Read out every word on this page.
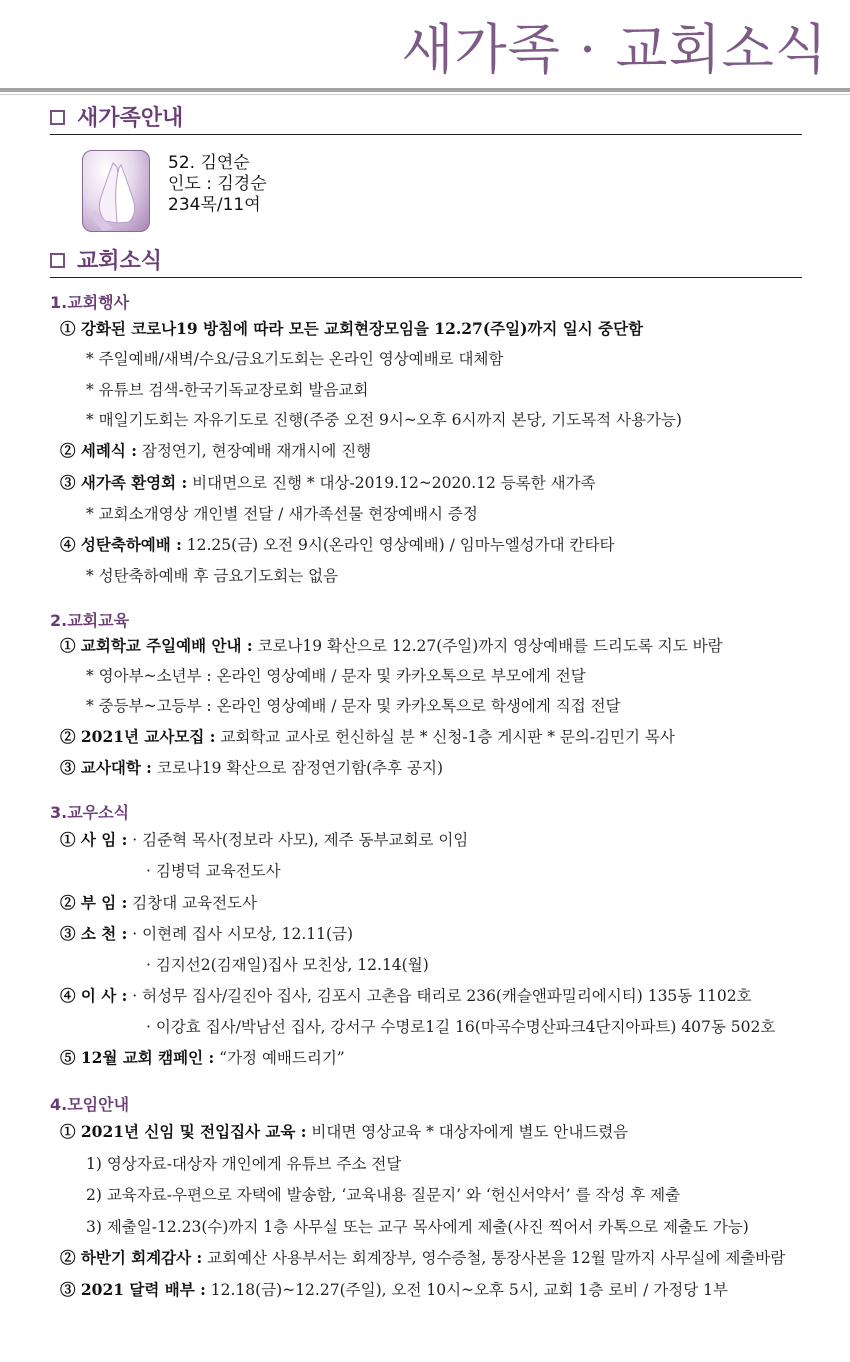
새가족 · 교회소식
새가족안내
52. 김연순
인도 : 김경순
234목/11여
교회소식
1.교회행사
① 강화된 코로나19 방침에 따라 모든 교회현장모임을 12.27(주일)까지 일시 중단함
* 주일예배/새벽/수요/금요기도회는 온라인 영상예배로 대체함
* 유튜브 검색-한국기독교장로회 발음교회
* 매일기도회는 자유기도로 진행(주중 오전 9시~오후 6시까지 본당, 기도목적 사용가능)
② 세례식 : 잠정연기, 현장예배 재개시에 진행
③ 새가족 환영회 : 비대면으로 진행 * 대상-2019.12~2020.12 등록한 새가족
* 교회소개영상 개인별 전달 / 새가족선물 현장예배시 증정
④ 성탄축하예배 : 12.25(금) 오전 9시(온라인 영상예배) / 임마누엘성가대 칸타타
* 성탄축하예배 후 금요기도회는 없음
2.교회교육
① 교회학교 주일예배 안내 : 코로나19 확산으로 12.27(주일)까지 영상예배를 드리도록 지도 바람
* 영아부~소년부 : 온라인 영상예배 / 문자 및 카카오톡으로 부모에게 전달
* 중등부~고등부 : 온라인 영상예배 / 문자 및 카카오톡으로 학생에게 직접 전달
② 2021년 교사모집 : 교회학교 교사로 헌신하실 분 * 신청-1층 게시판 * 문의-김민기 목사
③ 교사대학 : 코로나19 확산으로 잠정연기함(추후 공지)
3.교우소식
① 사 임 : · 김준혁 목사(정보라 사모), 제주 동부교회로 이임
· 김병덕 교육전도사
② 부 임 : 김창대 교육전도사
③ 소 천 : · 이현례 집사 시모상, 12.11(금)
· 김지선2(김재일)집사 모친상, 12.14(월)
④ 이 사 : · 허성무 집사/길진아 집사, 김포시 고촌읍 태리로 236(캐슬앤파밀리에시티) 135동 1102호
· 이강효 집사/박남선 집사, 강서구 수명로1길 16(마곡수명산파크4단지아파트) 407동 502호
⑤ 12월 교회 캠페인 : “가정 예배드리기”
4.모임안내
① 2021년 신임 및 전입집사 교육 : 비대면 영상교육 * 대상자에게 별도 안내드렸음
1) 영상자료-대상자 개인에게 유튜브 주소 전달
2) 교육자료-우편으로 자택에 발송함, ‘교육내용 질문지’ 와 ‘헌신서약서’ 를 작성 후 제출
3) 제출일-12.23(수)까지 1층 사무실 또는 교구 목사에게 제출(사진 찍어서 카톡으로 제출도 가능)
② 하반기 회계감사 : 교회예산 사용부서는 회계장부, 영수증철, 통장사본을 12월 말까지 사무실에 제출바람
③ 2021 달력 배부 : 12.18(금)~12.27(주일), 오전 10시~오후 5시, 교회 1층 로비 / 가정당 1부
